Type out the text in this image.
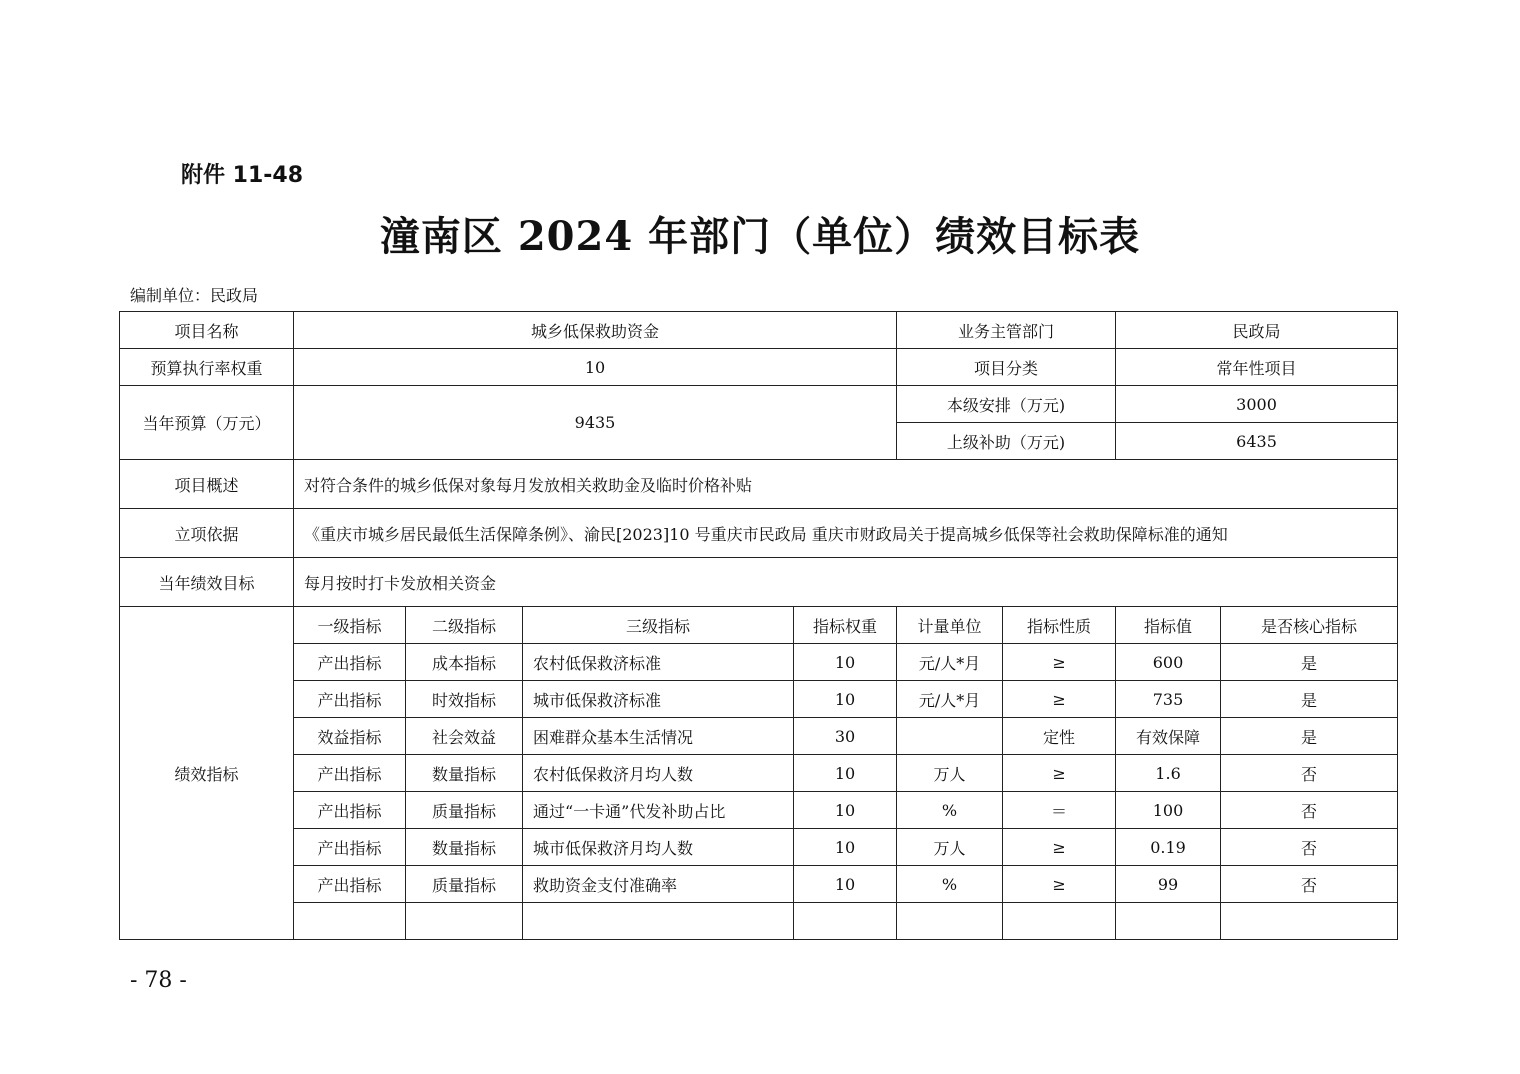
附件 11-48
潼南区 2024 年部门（单位）绩效目标表
编制单位：民政局
项目名称	城乡低保救助资金				业务主管部门		民政局	
预算执行率权重	10				项目分类		常年性项目	
当年预算（万元）	9435				本级安排（万元)		3000	
					上级补助（万元)		6435	
项目概述	对符合条件的城乡低保对象每月发放相关救助金及临时价格补贴							
立项依据	《重庆市城乡居民最低生活保障条例》、渝民[2023]10 号重庆市民政局 重庆市财政局关于提高城乡低保等社会救助保障标准的通知							
当年绩效目标	每月按时打卡发放相关资金							
绩效指标	一级指标	二级指标	三级指标	指标权重	计量单位	指标性质	指标值	是否核心指标
	产出指标	成本指标	农村低保救济标准	10	元/人*月	≥	600	是
	产出指标	时效指标	城市低保救济标准	10	元/人*月	≥	735	是
	效益指标	社会效益	困难群众基本生活情况	30		定性	有效保障	是
	产出指标	数量指标	农村低保救济月均人数	10	万人	≥	1.6	否
	产出指标	质量指标	通过“一卡通”代发补助占比	10	%	＝	100	否
	产出指标	数量指标	城市低保救济月均人数	10	万人	≥	0.19	否
	产出指标	质量指标	救助资金支付准确率	10	%	≥	99	否

- 78 -
